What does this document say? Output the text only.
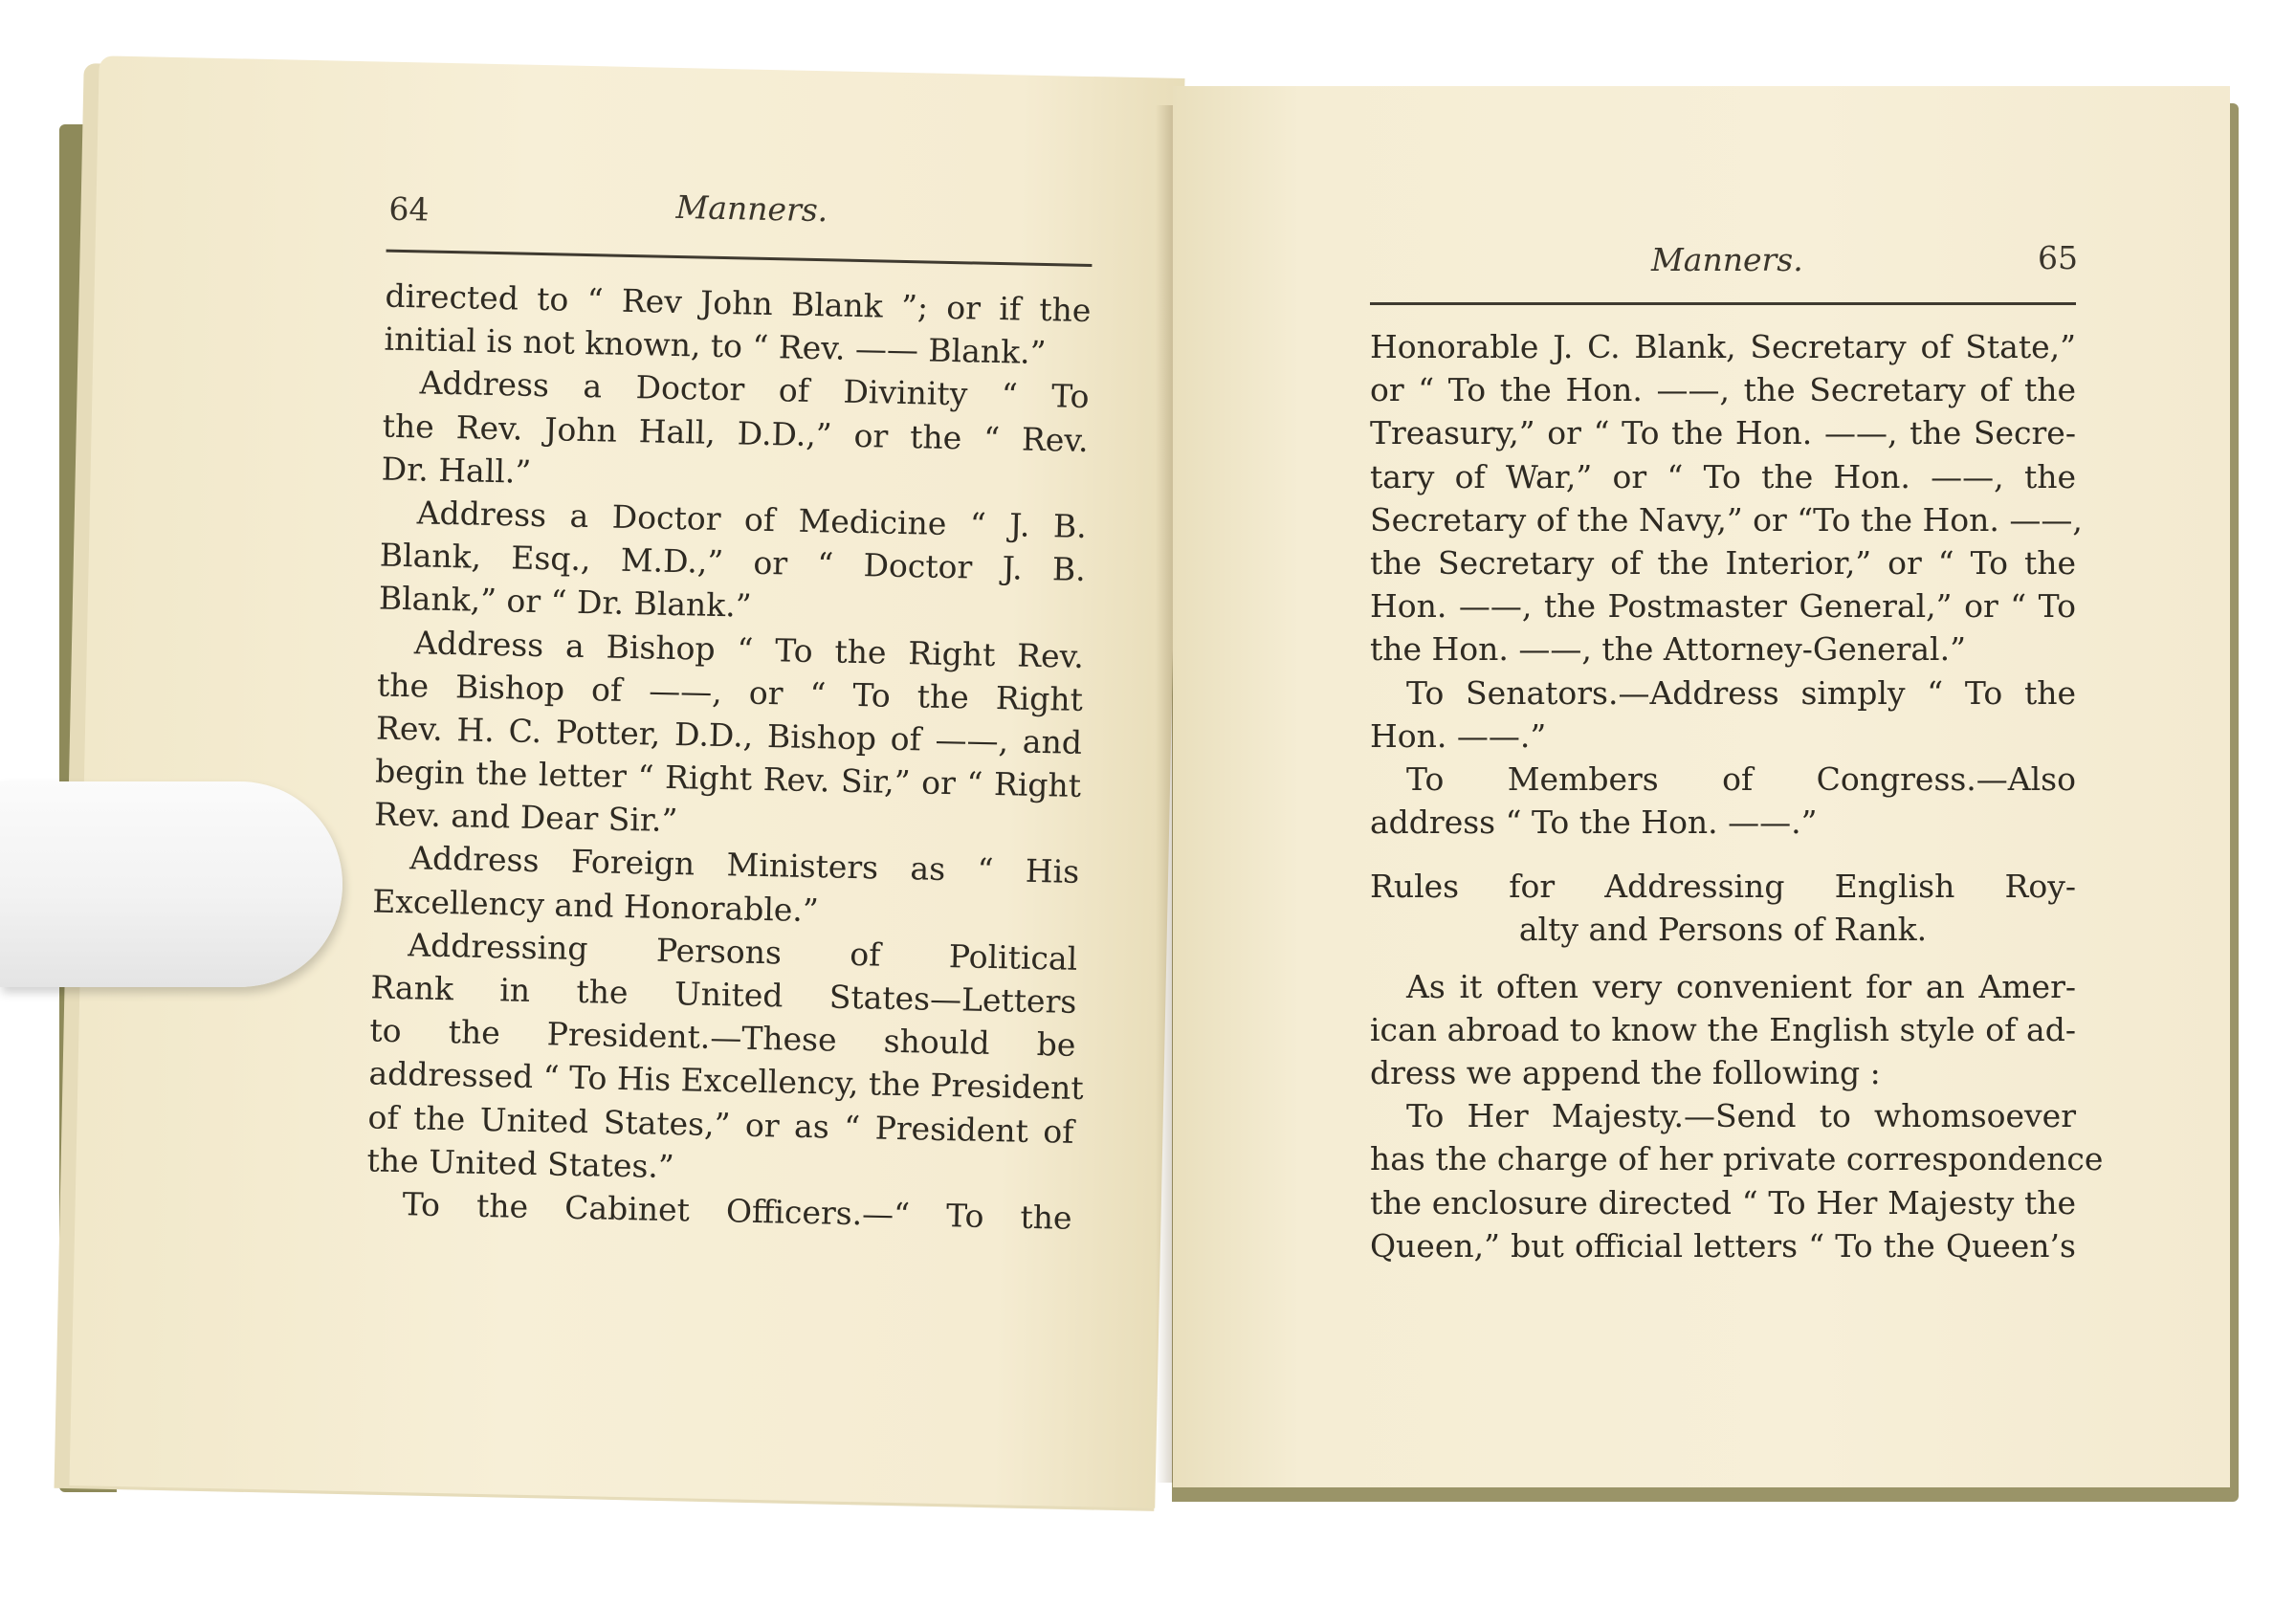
64	Manners.
directed to “ Rev John Blank ”; or if the
initial is not known, to “ Rev. —— Blank.”
Address a Doctor of Divinity “ To
the Rev. John Hall, D.D.,” or the “ Rev.
Dr. Hall.”
Address a Doctor of Medicine “ J. B.
Blank, Esq., M.D.,” or “ Doctor J. B.
Blank,” or “ Dr. Blank.”
Address a Bishop “ To the Right Rev.
the Bishop of ——, or “ To the Right
Rev. H. C. Potter, D.D., Bishop of ——, and
begin the letter “ Right Rev. Sir,” or “ Right
Rev. and Dear Sir.”
Address Foreign Ministers as “ His
Excellency and Honorable.”
Addressing Persons of Political
Rank in the United States—Letters
to the President.—These should be
addressed “ To His Excellency, the President
of the United States,” or as “ President of
the United States.”
To the Cabinet Officers.—“ To the
Manners.	65
Honorable J. C. Blank, Secretary of State,”
or “ To the Hon. ——, the Secretary of the
Treasury,” or “ To the Hon. ——, the Secre-
tary of War,” or “ To the Hon. ——, the
Secretary of the Navy,” or “To the Hon. ——,
the Secretary of the Interior,” or “ To the
Hon. ——, the Postmaster General,” or “ To
the Hon. ——, the Attorney-General.”
To Senators.—Address simply “ To the
Hon. ——.”
To Members of Congress.—Also
address “ To the Hon. ——.”
Rules for Addressing English Roy-
alty and Persons of Rank.
As it often very convenient for an Amer-
ican abroad to know the English style of ad-
dress we append the following :
To Her Majesty.—Send to whomsoever
has the charge of her private correspondence
the enclosure directed “ To Her Majesty the
Queen,” but official letters “ To the Queen’s
